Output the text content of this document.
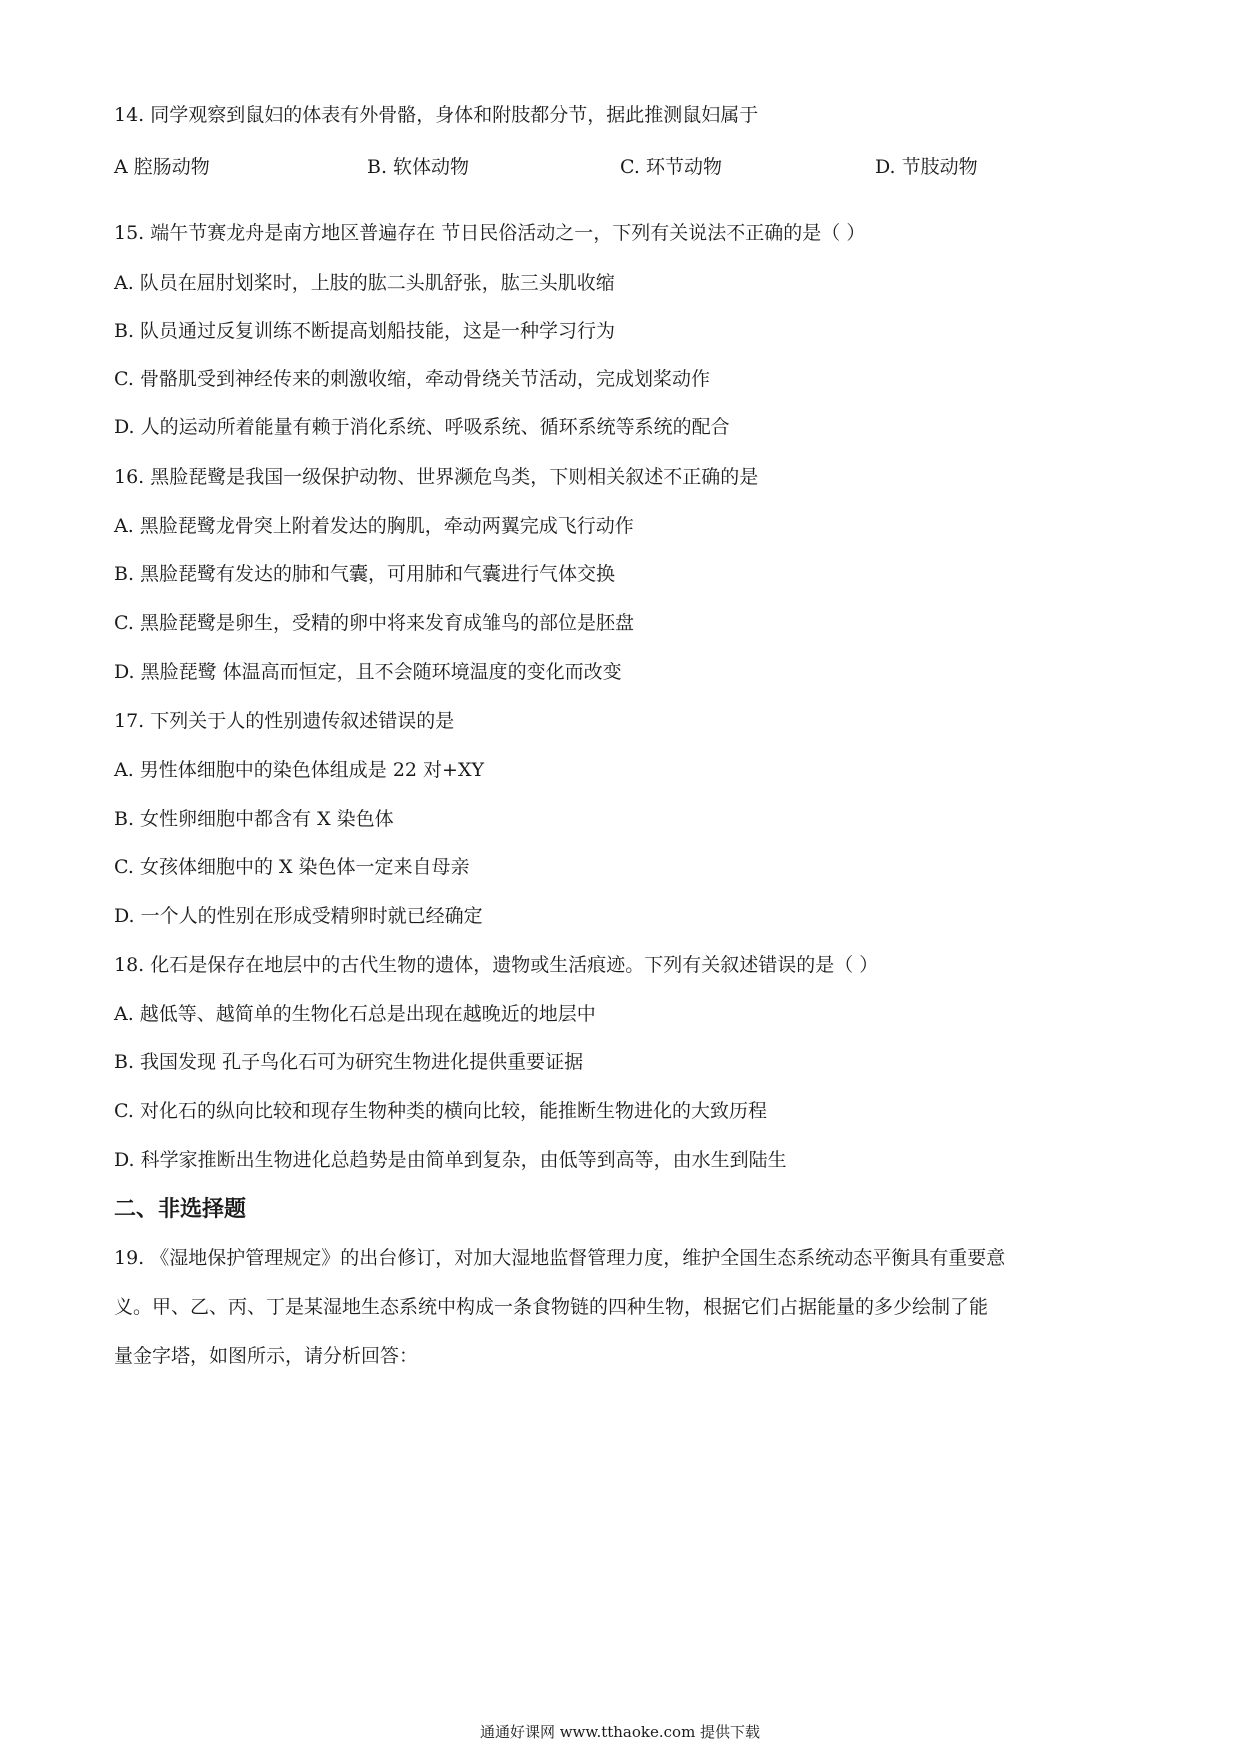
14. 同学观察到鼠妇的体表有外骨骼，身体和附肢都分节，据此推测鼠妇属于
A 腔肠动物	B. 软体动物	C. 环节动物	D. 节肢动物
15. 端午节赛龙舟是南方地区普遍存在 节日民俗活动之一，下列有关说法不正确的是（ ）
A. 队员在屈肘划桨时，上肢的肱二头肌舒张，肱三头肌收缩
B. 队员通过反复训练不断提高划船技能，这是一种学习行为
C. 骨骼肌受到神经传来的刺激收缩，牵动骨绕关节活动，完成划桨动作
D. 人的运动所着能量有赖于消化系统、呼吸系统、循环系统等系统的配合
16. 黑脸琵鹭是我国一级保护动物、世界濒危鸟类，下则相关叙述不正确的是
A. 黑脸琵鹭龙骨突上附着发达的胸肌，牵动两翼完成飞行动作
B. 黑脸琵鹭有发达的肺和气囊，可用肺和气囊进行气体交换
C. 黑脸琵鹭是卵生，受精的卵中将来发育成雏鸟的部位是胚盘
D. 黑脸琵鹭 体温高而恒定，且不会随环境温度的变化而改变
17. 下列关于人的性别遗传叙述错误的是
A. 男性体细胞中的染色体组成是 22 对+XY
B. 女性卵细胞中都含有 X 染色体
C. 女孩体细胞中的 X 染色体一定来自母亲
D. 一个人的性别在形成受精卵时就已经确定
18. 化石是保存在地层中的古代生物的遗体，遗物或生活痕迹。下列有关叙述错误的是（ ）
A. 越低等、越简单的生物化石总是出现在越晚近的地层中
B. 我国发现 孔子鸟化石可为研究生物进化提供重要证据
C. 对化石的纵向比较和现存生物种类的横向比较，能推断生物进化的大致历程
D. 科学家推断出生物进化总趋势是由简单到复杂，由低等到高等，由水生到陆生
二、非选择题
19. 《湿地保护管理规定》的出台修订，对加大湿地监督管理力度，维护全国生态系统动态平衡具有重要意
义。甲、乙、丙、丁是某湿地生态系统中构成一条食物链的四种生物，根据它们占据能量的多少绘制了能
量金字塔，如图所示，请分析回答：
通通好课网 www.tthaoke.com 提供下载
